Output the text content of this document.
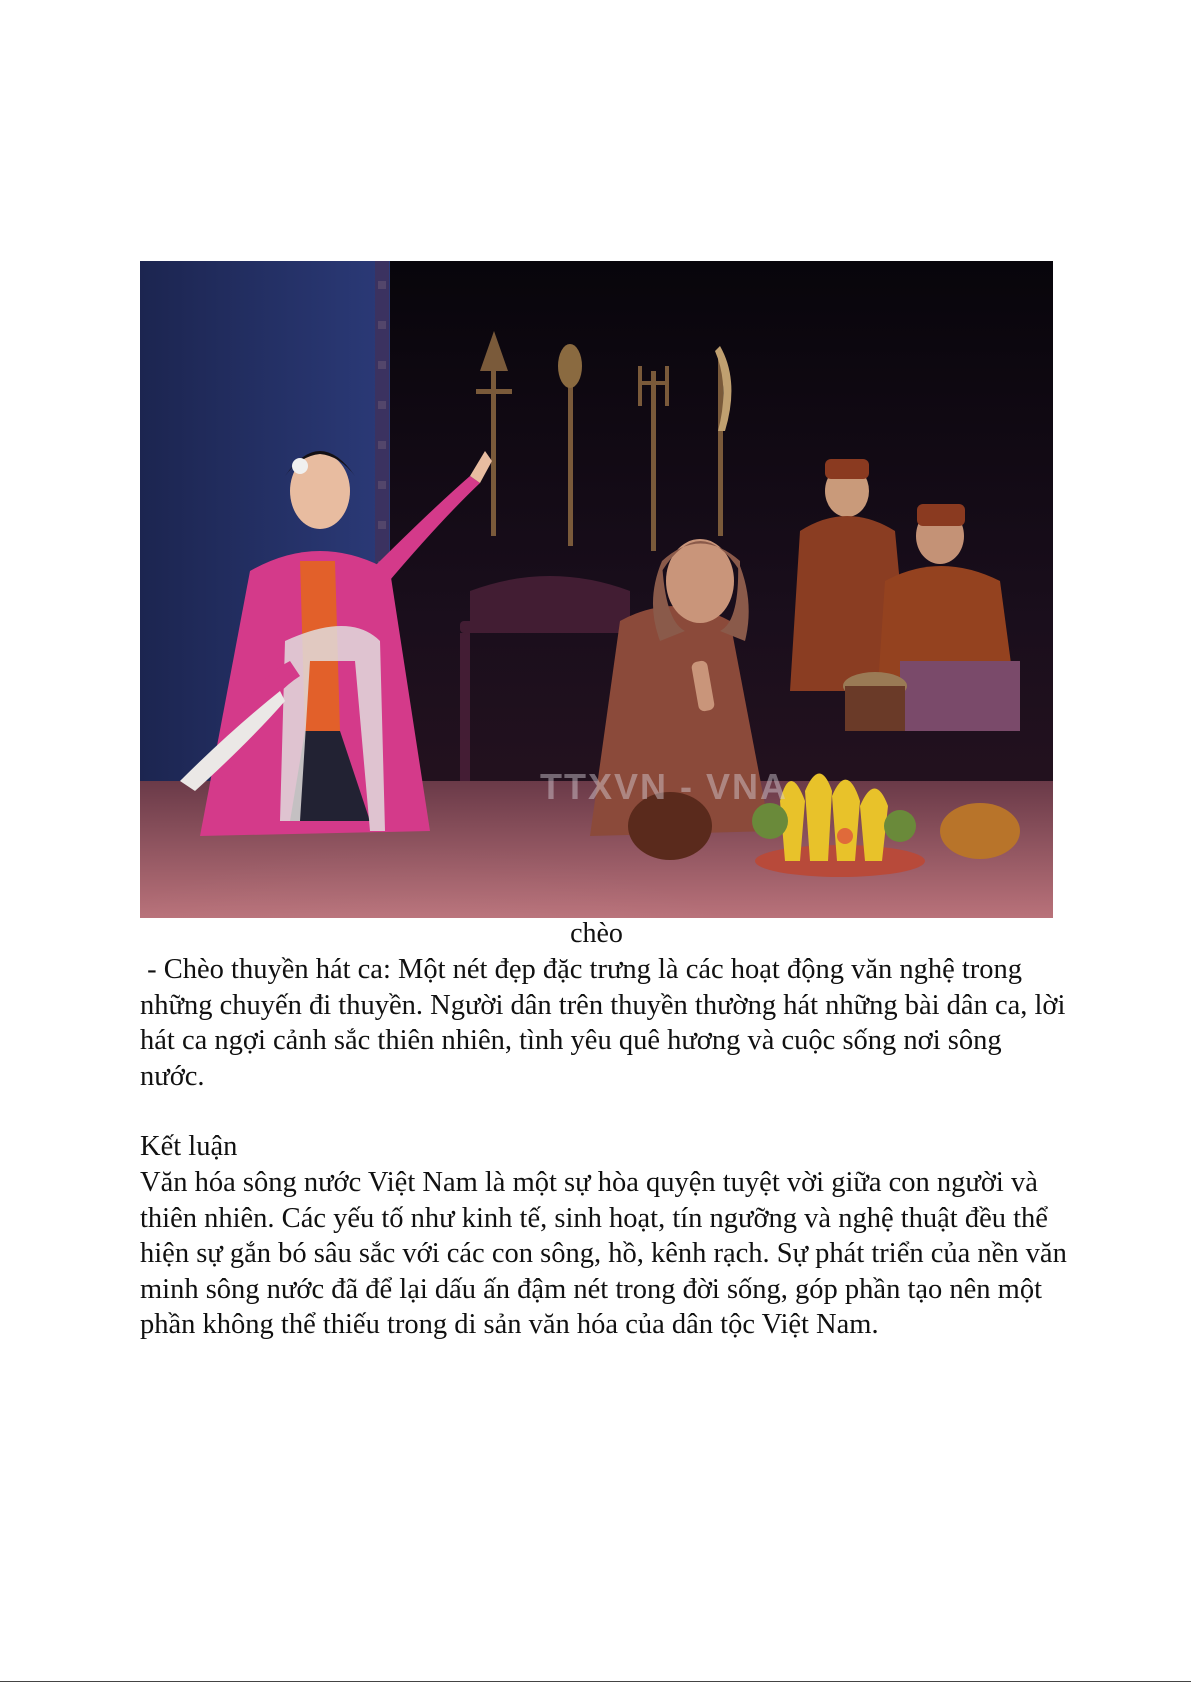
TTXVN - VNA
chèo
- Chèo thuyền hát ca: Một nét đẹp đặc trưng là các hoạt động văn nghệ trong những chuyến đi thuyền. Người dân trên thuyền thường hát những bài dân ca, lời hát ca ngợi cảnh sắc thiên nhiên, tình yêu quê hương và cuộc sống nơi sông nước.
Kết luận
Văn hóa sông nước Việt Nam là một sự hòa quyện tuyệt vời giữa con người và thiên nhiên. Các yếu tố như kinh tế, sinh hoạt, tín ngưỡng và nghệ thuật đều thể hiện sự gắn bó sâu sắc với các con sông, hồ, kênh rạch. Sự phát triển của nền văn minh sông nước đã để lại dấu ấn đậm nét trong đời sống, góp phần tạo nên một phần không thể thiếu trong di sản văn hóa của dân tộc Việt Nam.
